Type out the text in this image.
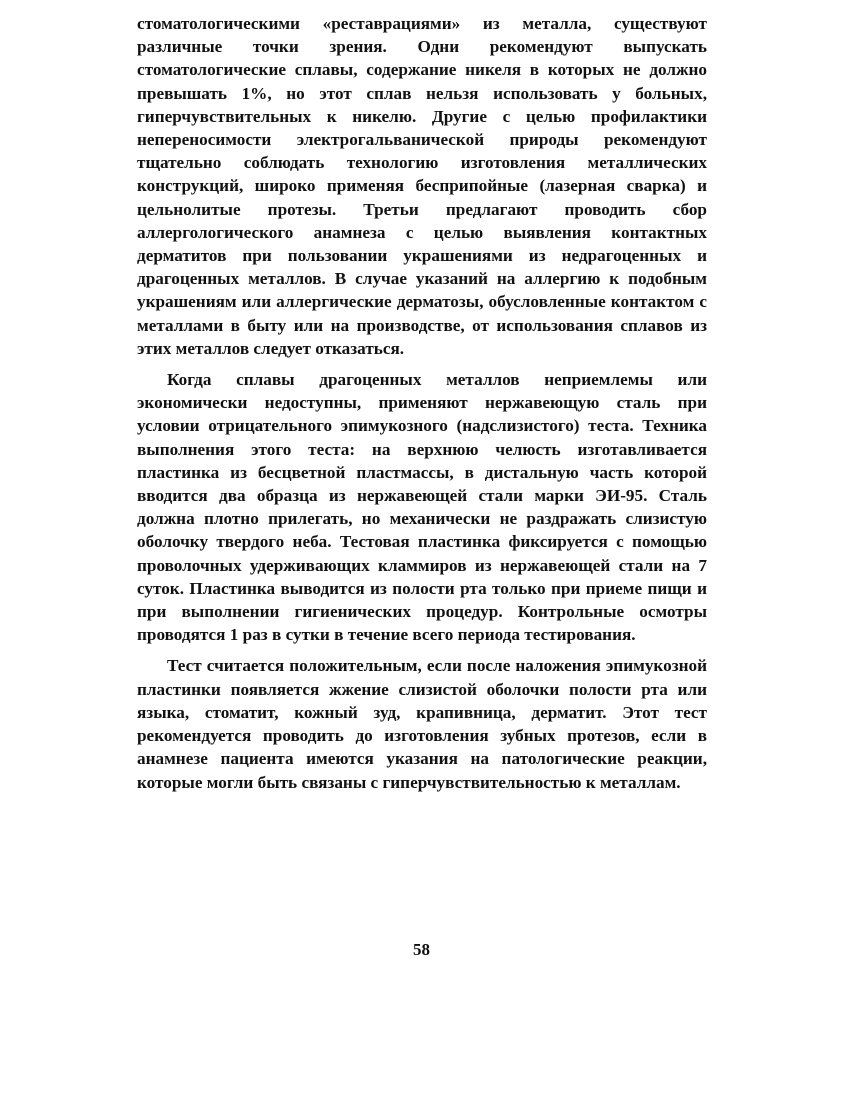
стоматологическими «реставрациями» из металла, существуют различные точки зрения. Одни рекомендуют выпускать стоматологические сплавы, содержание никеля в которых не должно превышать 1%, но этот сплав нельзя использовать у больных, гиперчувствительных к никелю. Другие с целью профилактики непереносимости электрогальванической природы рекомендуют тщательно соблюдать технологию изготовления металлических конструкций, широко применяя бесприпойные (лазерная сварка) и цельнолитые протезы. Третьи предлагают проводить сбор аллергологического анамнеза с целью выявления контактных дерматитов при пользовании украшениями из недрагоценных и драгоценных металлов. В случае указаний на аллергию к подобным украшениям или аллергические дерматозы, обусловленные контактом с металлами в быту или на производстве, от использования сплавов из этих металлов следует отказаться.

Когда сплавы драгоценных металлов неприемлемы или экономически недоступны, применяют нержавеющую сталь при условии отрицательного эпимукозного (надслизистого) теста. Техника выполнения этого теста: на верхнюю челюсть изготавливается пластинка из бесцветной пластмассы, в дистальную часть которой вводится два образца из нержавеющей стали марки ЭИ-95. Сталь должна плотно прилегать, но механически не раздражать слизистую оболочку твердого неба. Тестовая пластинка фиксируется с помощью проволочных удерживающих кламмиров из нержавеющей стали на 7 суток. Пластинка выводится из полости рта только при приеме пищи и при выполнении гигиенических процедур. Контрольные осмотры проводятся 1 раз в сутки в течение всего периода тестирования.

Тест считается положительным, если после наложения эпимукозной пластинки появляется жжение слизистой оболочки полости рта или языка, стоматит, кожный зуд, крапивница, дерматит. Этот тест рекомендуется проводить до изготовления зубных протезов, если в анамнезе пациента имеются указания на патологические реакции, которые могли быть связаны с гиперчувствительностью к металлам.

58
